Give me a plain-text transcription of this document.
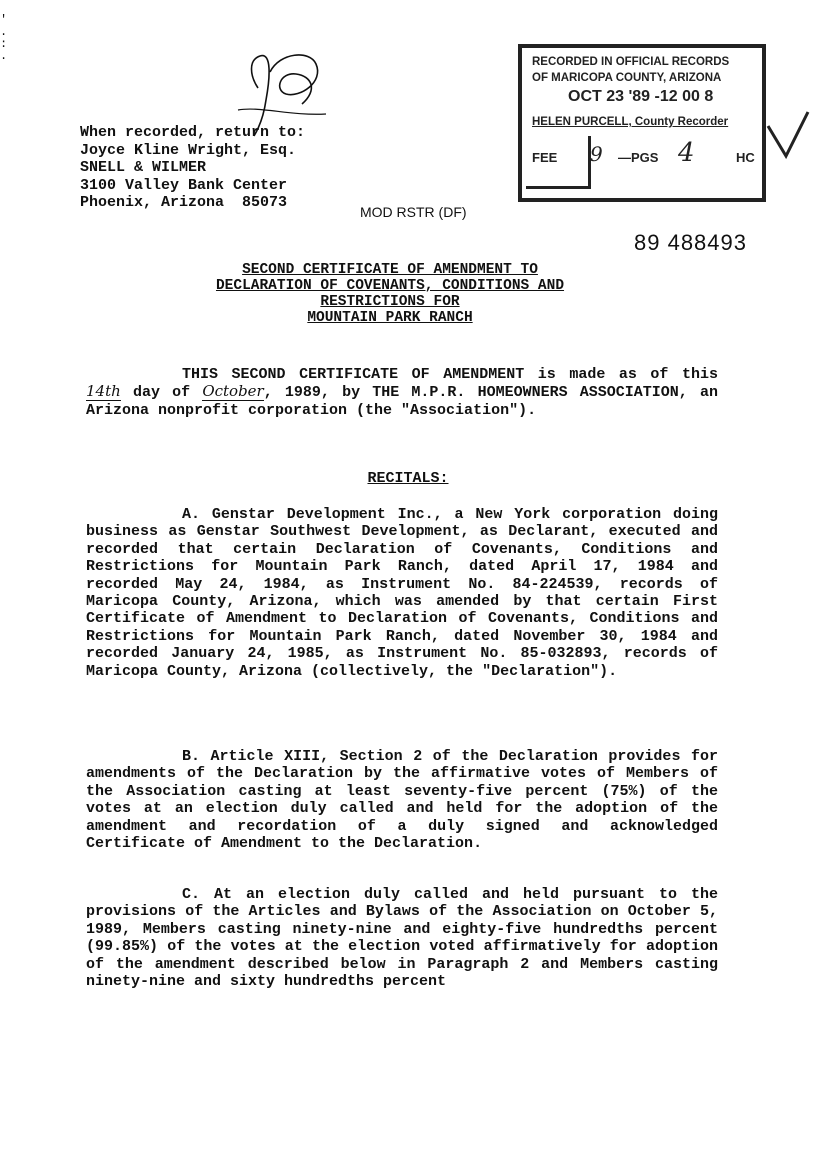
'
.
:
.
When recorded, return to:
Joyce Kline Wright, Esq.
SNELL & WILMER
3100 Valley Bank Center
Phoenix, Arizona  85073
RECORDED IN OFFICIAL RECORDS
OF MARICOPA COUNTY, ARIZONA
OCT 23 '89 -12 00 8
HELEN PURCELL, County Recorder
FEE 9 —PGS 4	HC
MOD RSTR (DF)
89 488493
SECOND CERTIFICATE OF AMENDMENT TO
DECLARATION OF COVENANTS, CONDITIONS AND
RESTRICTIONS FOR
MOUNTAIN PARK RANCH

THIS SECOND CERTIFICATE OF AMENDMENT is made as of this 14th day of October, 1989, by THE M.P.R. HOMEOWNERS ASSOCIATION, an Arizona nonprofit corporation (the "Association").

RECITALS:

A. Genstar Development Inc., a New York corporation doing business as Genstar Southwest Development, as Declarant, executed and recorded that certain Declaration of Covenants, Conditions and Restrictions for Mountain Park Ranch, dated April 17, 1984 and recorded May 24, 1984, as Instrument No. 84-224539, records of Maricopa County, Arizona, which was amended by that certain First Certificate of Amendment to Declaration of Covenants, Conditions and Restrictions for Mountain Park Ranch, dated November 30, 1984 and recorded January 24, 1985, as Instrument No. 85-032893, records of Maricopa County, Arizona (collectively, the "Declaration").

B. Article XIII, Section 2 of the Declaration provides for amendments of the Declaration by the affirmative votes of Members of the Association casting at least seventy-five percent (75%) of the votes at an election duly called and held for the adoption of the amendment and recordation of a duly signed and acknowledged Certificate of Amendment to the Declaration.

C. At an election duly called and held pursuant to the provisions of the Articles and Bylaws of the Association on October 5, 1989, Members casting ninety-nine and eighty-five hundredths percent (99.85%) of the votes at the election voted affirmatively for adoption of the amendment described below in Paragraph 2 and Members casting ninety-nine and sixty hundredths percent
